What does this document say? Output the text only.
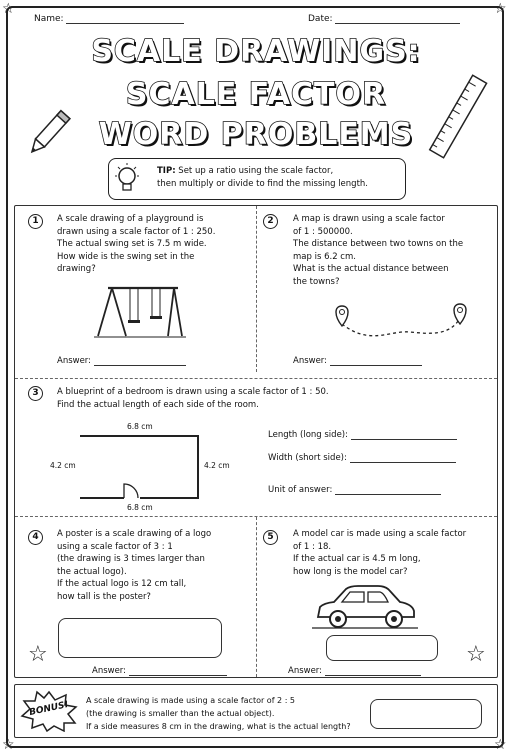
☆	☆
☆	☆
Name:	Date:
SCALE DRAWINGS:
SCALE FACTOR
WORD PROBLEMS
TIP: Set up a ratio using the scale factor,
then multiply or divide to find the missing length.
1	A scale drawing of a playground is
drawn using a scale factor of 1 : 250.
The actual swing set is 7.5 m wide.
How wide is the swing set in the
drawing?
Answer:
2	A map is drawn using a scale factor
of 1 : 500000.
The distance between two towns on the
map is 6.2 cm.
What is the actual distance between
the towns?
Answer:
3	A blueprint of a bedroom is drawn using a scale factor of 1 : 50.
Find the actual length of each side of the room.
6.8 cm
6.8 cm
4.2 cm	4.2 cm
Length (long side):
Width (short side):
Unit of answer:
4	A poster is a scale drawing of a logo
using a scale factor of 3 : 1
(the drawing is 3 times larger than
the actual logo).
If the actual logo is 12 cm tall,
how tall is the poster?
☆
Answer:
5	A model car is made using a scale factor
of 1 : 18.
If the actual car is 4.5 m long,
how long is the model car?
☆
Answer:
BONUS!	A scale drawing is made using a scale factor of 2 : 5
(the drawing is smaller than the actual object).
If a side measures 8 cm in the drawing, what is the actual length?
